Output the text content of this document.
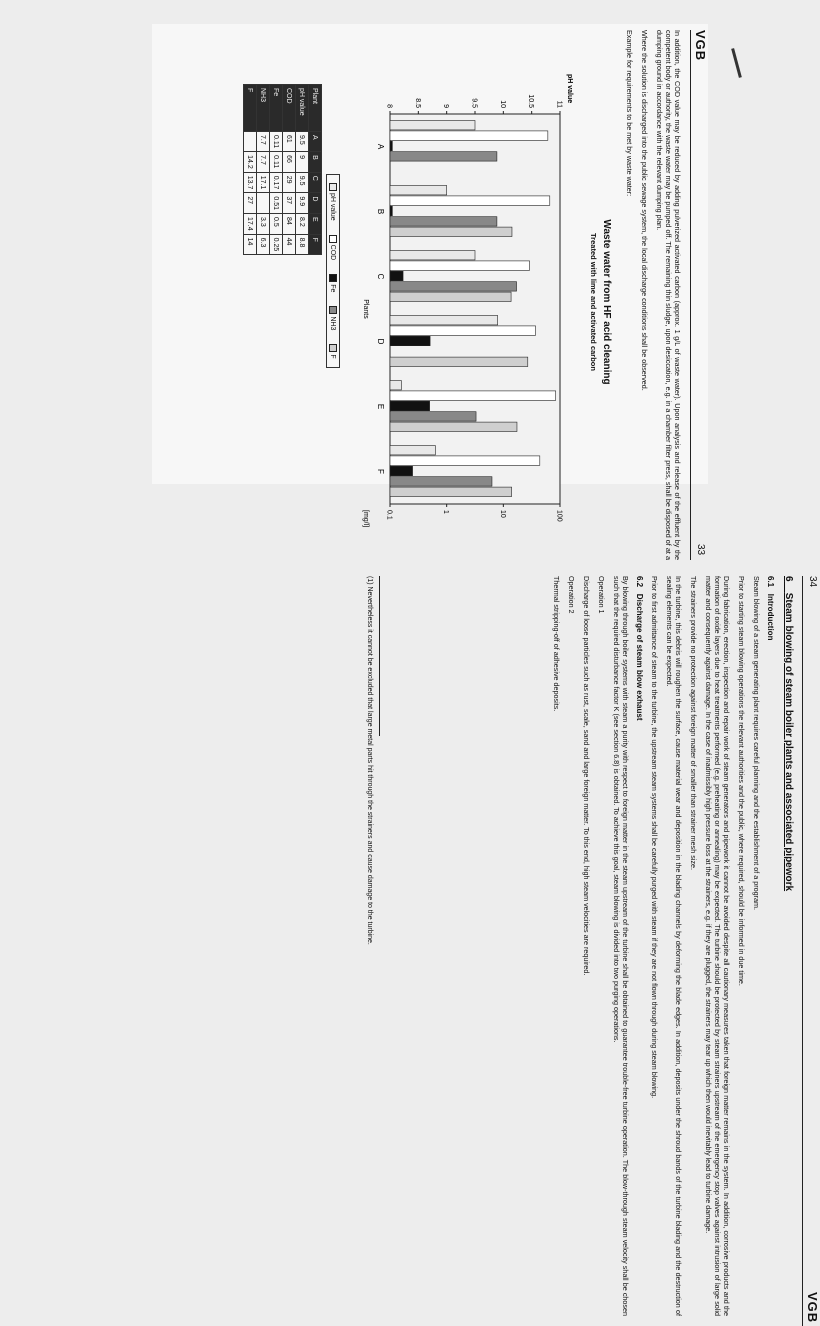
VGB
33

In addition, the COD value may be reduced by adding pulverized activated carbon (approx. 1 g/L of waste water). Upon analysis and release of the effluent by the competent body or authority, the waste water may be pumped off. The remaining thin sludge, upon desiccation, e.g. in a chamber filter press, shall be disposed of at a dumping ground in accordance with the relevant dumping plan.

Where the solution is discharged into the public sewage system, the local discharge conditions shall be observed.

Example for requirements to be met by waste water:

Waste water from HF acid cleaning
Treated with lime and activated carbon
8	8.5	9	9.5	10	10.5	11
0.1	1	10	100
A
B
C
D
E
F
Plants
pH value
[mg/l]
pH value
COD
Fe
NH3
F
Plant	A	B	C	D	E	F
pH value	9.5	9	9.5	9.9	8.2	8.8
COD	61	66	29	37	84	44
Fe	0.11	0.11	0.17	0.51	0.5	0.25
NH3	7.7	7.7	17.1		3.3	6.3
F		14.2	13.7	27	17.4	14
34
VGB
6    Steam blowing of steam boiler plants and associated pipework
6.1   Introduction

Steam blowing of a steam generating plant requires careful planning and the establishment of a program.

Prior to starting steam blowing operations the relevant authorities and the public, where required, should be informed in due time.

During fabrication, erection, inspection and repair work of steam generators and pipework it cannot be avoided despite all cautionary measures taken that foreign matter remains in the system. In addition, corrosive products and the formation of oxide layers due to heat treatments performed (e.g. preheating or annealing) may be expected. The turbine should be protected by steam strainers upstream of the emergency stop valves against intrusion of large solid matter and consequently against damage. In the case of inadmissibly high pressure loss at the strainers, e.g. if they are plugged, the strainers may tear up which then would inevitably lead to turbine damage.

The strainers provide no protection against foreign matter of smaller than strainer mesh size.

In the turbine, this debris will roughen the surface, cause material wear and deposition in the blading channels by deforming the blade edges. In addition, deposits under the shroud bands of the turbine blading and the destruction of sealing elements can be expected.

Prior to first admittance of steam to the turbine, the upstream steam systems shall be carefully purged with steam if they are not flown through during steam blowing.

6.2   Discharge of steam blow exhaust

By blowing through boiler systems with steam a purity with respect to foreign matter in the steam upstream of the turbine shall be obtained to guarantee trouble-free turbine operation. The blow-through steam velocity shall be chosen such that the required disturbance factor K (see section 6.8) is obtained. To achieve this goal, steam blowing is divided into two purging operations.

Operation 1

Discharge of loose particles such as rust, scale, sand and large foreign matter. To this end, high steam velocities are required.

Operation 2

Thermal stripping-off of adhesive deposits.

(1) Nevertheless it cannot be excluded that large metal parts hit through the strainers and cause damage to the turbine.
